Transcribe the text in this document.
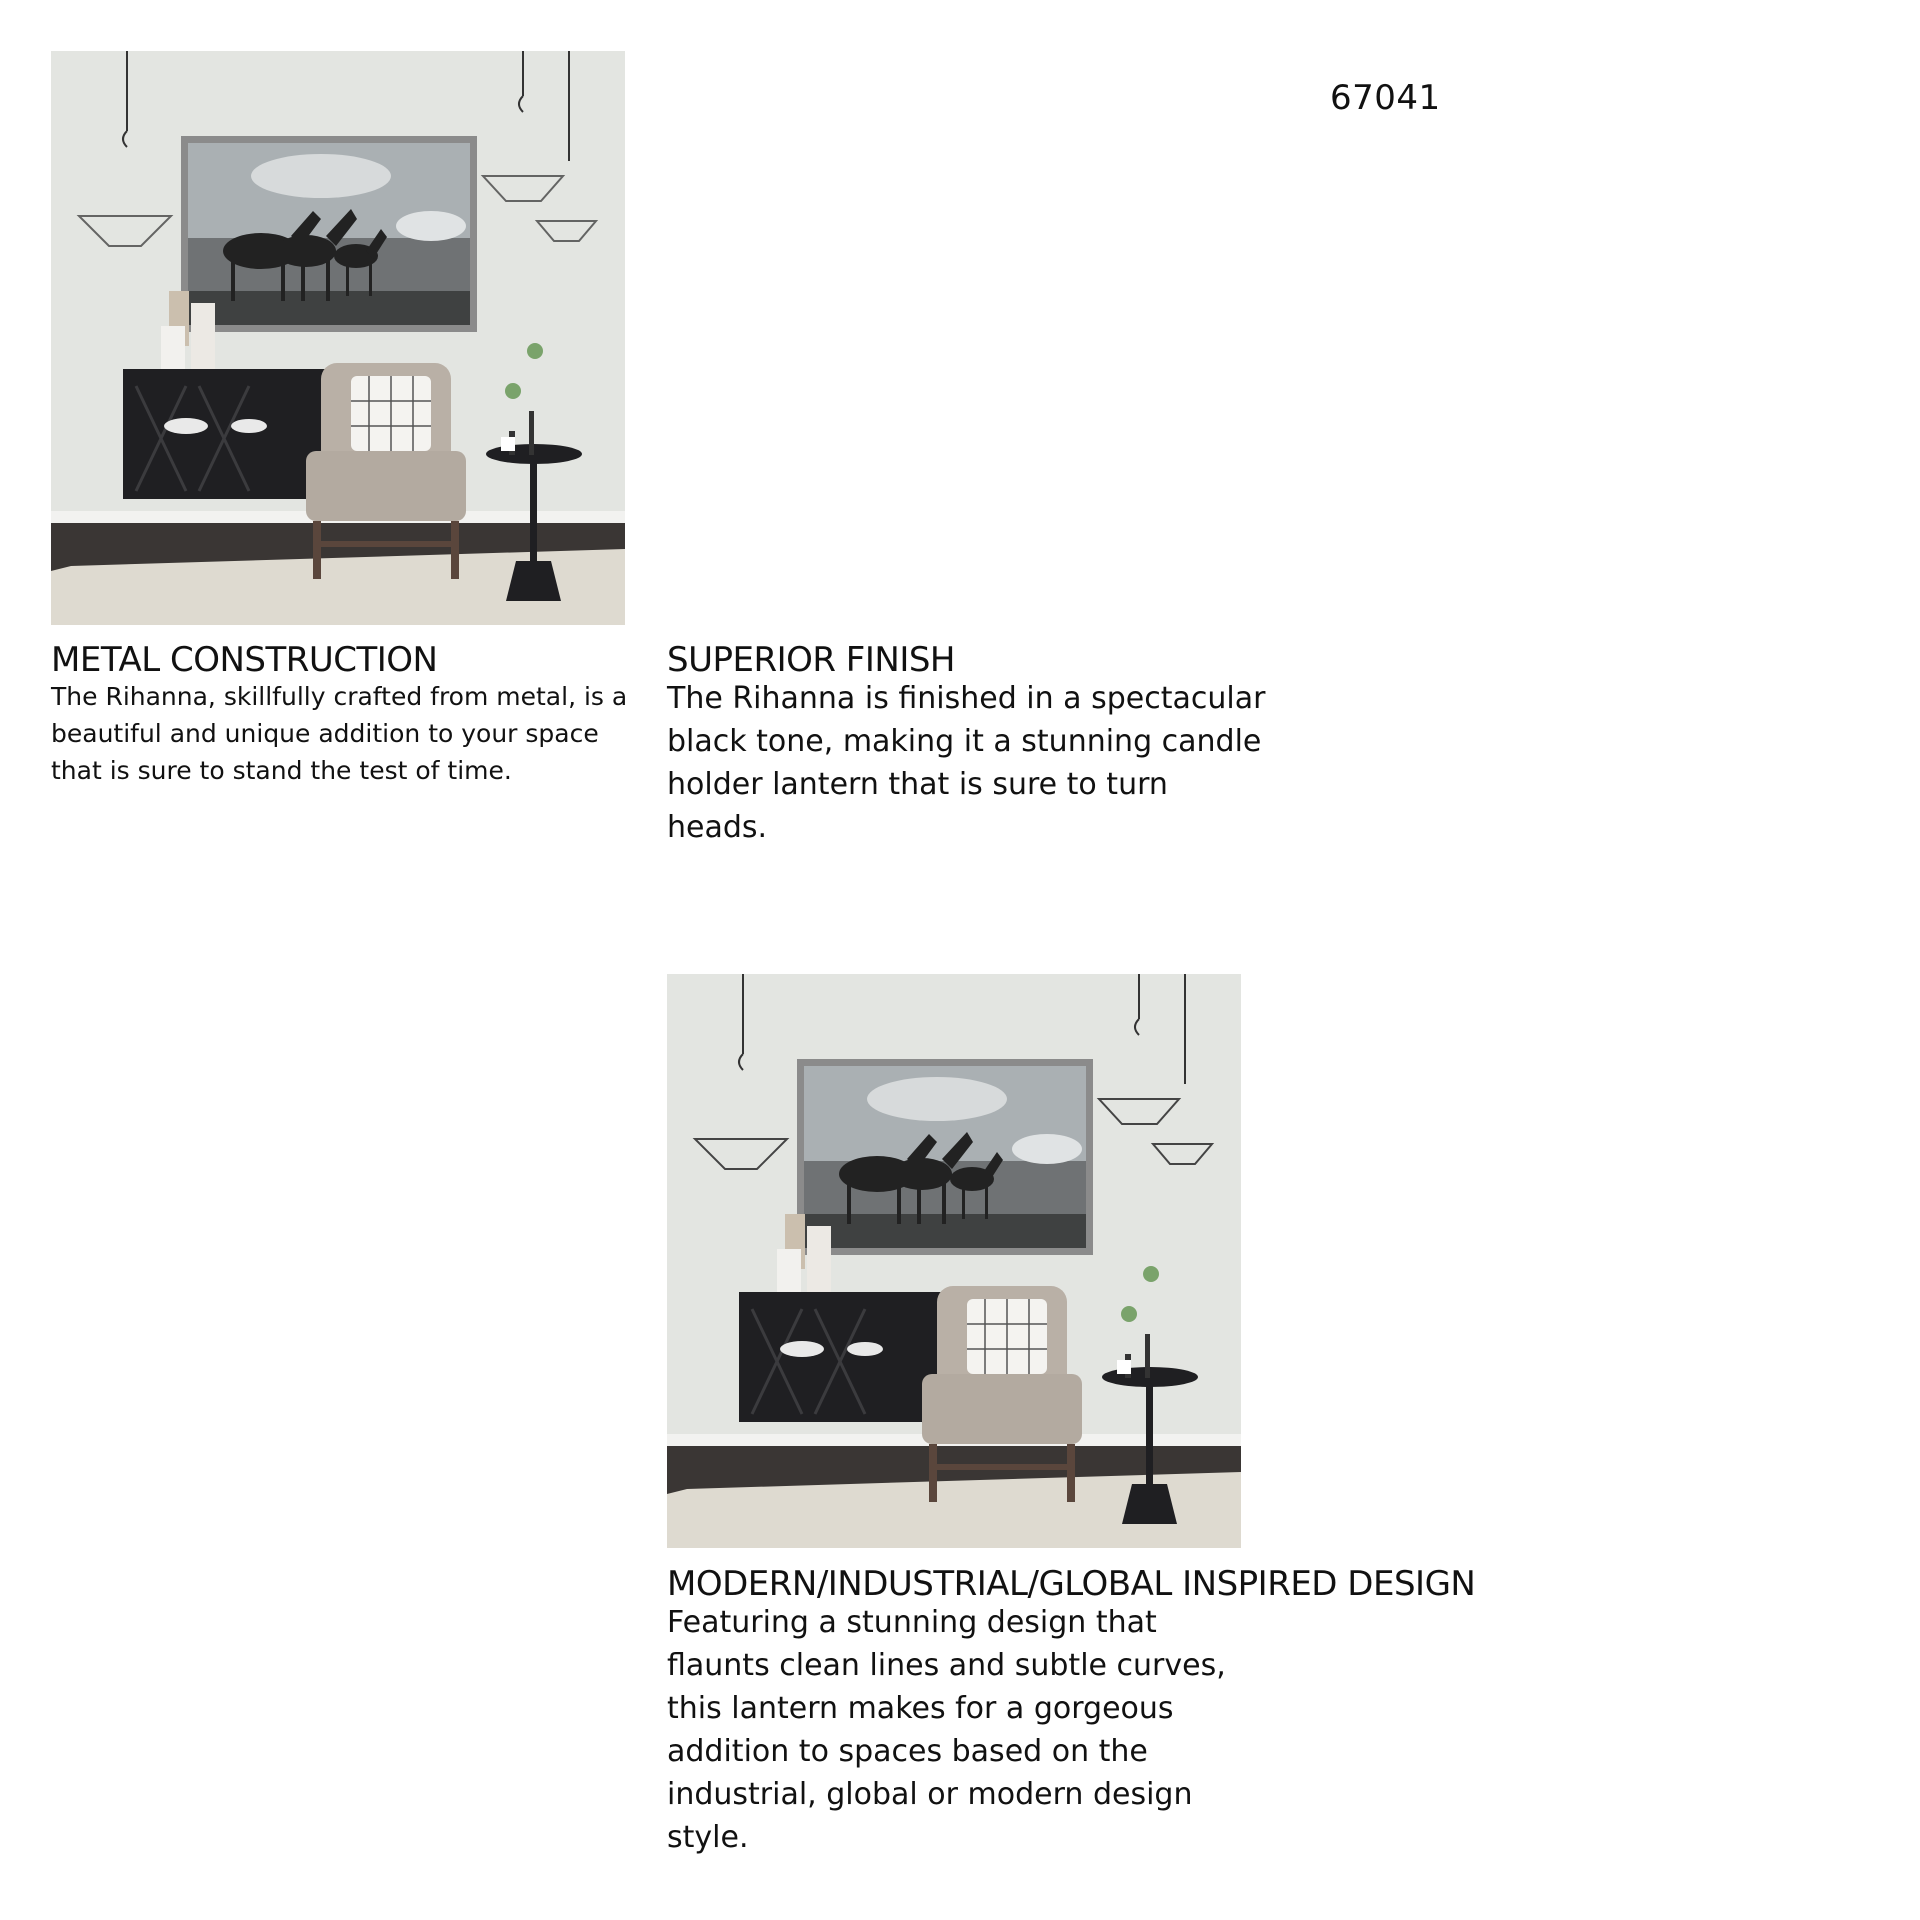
67041
METAL CONSTRUCTION

The Rihanna, skillfully crafted from metal, is a beautiful and unique addition to your space that is sure to stand the test of time.

SUPERIOR FINISH

The Rihanna is finished in a spectacular black tone, making it a stunning candle holder lantern that is sure to turn heads.

MODERN/INDUSTRIAL/GLOBAL INSPIRED DESIGN

Featuring a stunning design that flaunts clean lines and subtle curves, this lantern makes for a gorgeous addition to spaces based on the industrial, global or modern design style.
